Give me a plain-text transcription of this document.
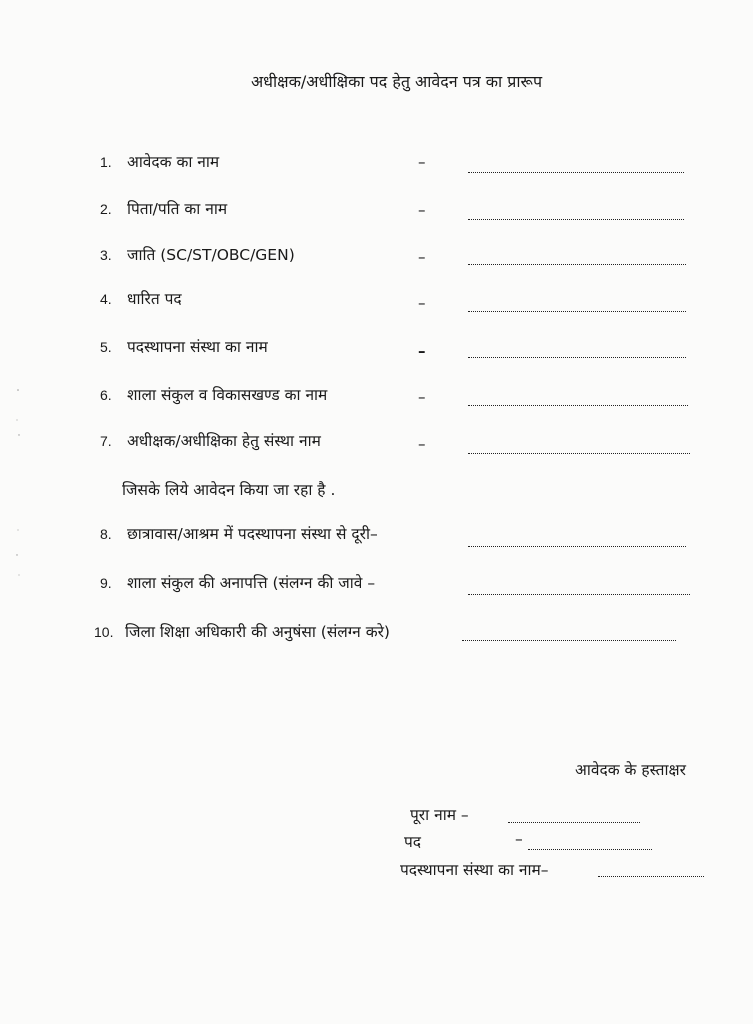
अधीक्षक/अधीक्षिका पद हेतु आवेदन पत्र का प्रारूप
1. आवेदक का नाम	–
2. पिता/पति का नाम	–
3. जाति (SC/ST/OBC/GEN)	–
4. धारित पद	–
5. पदस्थापना संस्था का नाम	–
6. शाला संकुल व विकासखण्ड का नाम	–
7. अधीक्षक/अधीक्षिका हेतु संस्था नाम	–
जिसके लिये आवेदन किया जा रहा है .
8. छात्रावास/आश्रम में पदस्थापना संस्था से दूरी–
9. शाला संकुल की अनापत्ति (संलग्न की जावे –
10. जिला शिक्षा अधिकारी की अनुषंसा (संलग्न करे)
आवेदक के हस्ताक्षर
पूरा नाम –
पद	–
पदस्थापना संस्था का नाम–
